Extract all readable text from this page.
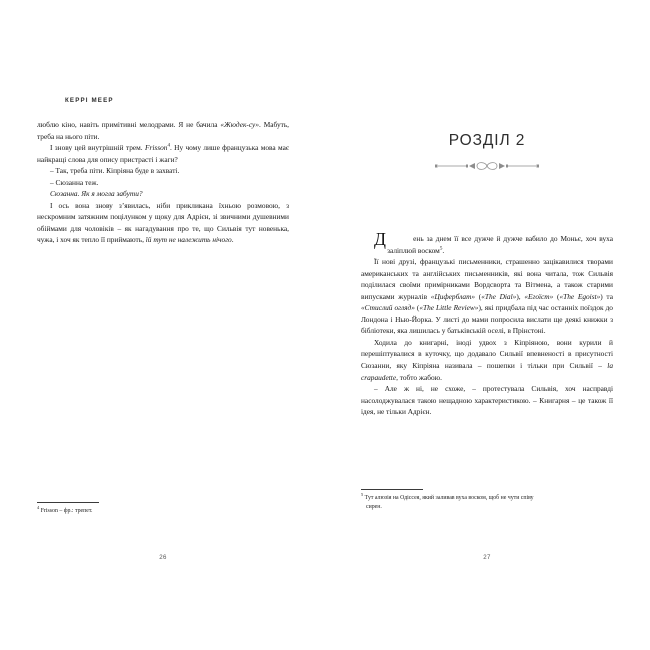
КЕРРІ МЕЕР

люблю кіно, навіть примітивні мелодрами. Я не бачила «Жюдек-су». Мабуть, треба на нього піти.

І знову цей внутрішній трем. Frisson$^4$. Ну чому лише французька мова має найкращі слова для опису пристрасті і жаги?

– Так, треба піти. Кіпріяна буде в захваті.

– Сюзанна теж.

Сюзанна. Як я могла забути?

І ось вона знову з’явилась, ніби прикликана їхньою розмовою, з нескромним затяжним поцілунком у щоку для Адрієн, зі звичними душевними обіймами для чоловіків – як нагадування про те, що Сильвія тут новенька, чужа, і хоч як тепло її приймають, їй тут не належить нічого.

$^4$ Frisson – фр.: трепет.

26
РОЗДІЛ 2

Д	ень за днем її все дужче й дужче вабило до Моньє, хоч вуха заліплюй воском$^5$.

Її нові друзі, французькі письменники, страшенно зацікавилися творами американських та англійських письменників, які вона читала, тож Сильвія поділилася своїми примірниками Вордсворта та Вітмена, а також старими випусками журналів «Циферблат» («The Dial»), «Егоїст» («The Egoist») та «Стислий огляд» («The Little Review»), які придбала під час останніх поїздок до Лондона і Нью-Йорка. У листі до мами попросила вислати ще деякі книжки з бібліотеки, яка лишилась у батьківській оселі, в Прінстоні.

Ходила до книгарні, іноді удвох з Кіпріяною, вони курили й перешіптувалися в куточку, що додавало Сильвії впевненості в присутності Сюзанни, яку Кіпріяна називала – пошепки і тільки при Сильвії – la crapaudette, тобто жабою.

– Але ж ні, не схоже, – протестувала Сильвія, хоч насправді насолоджувалася такою нещадною характеристикою. – Книгарня – це також її ідея, не тільки Адрієн.

$^5$ Тут алюзія на Одіссея, який заливав вуха воском, щоб не чути співу
сирен.

27
